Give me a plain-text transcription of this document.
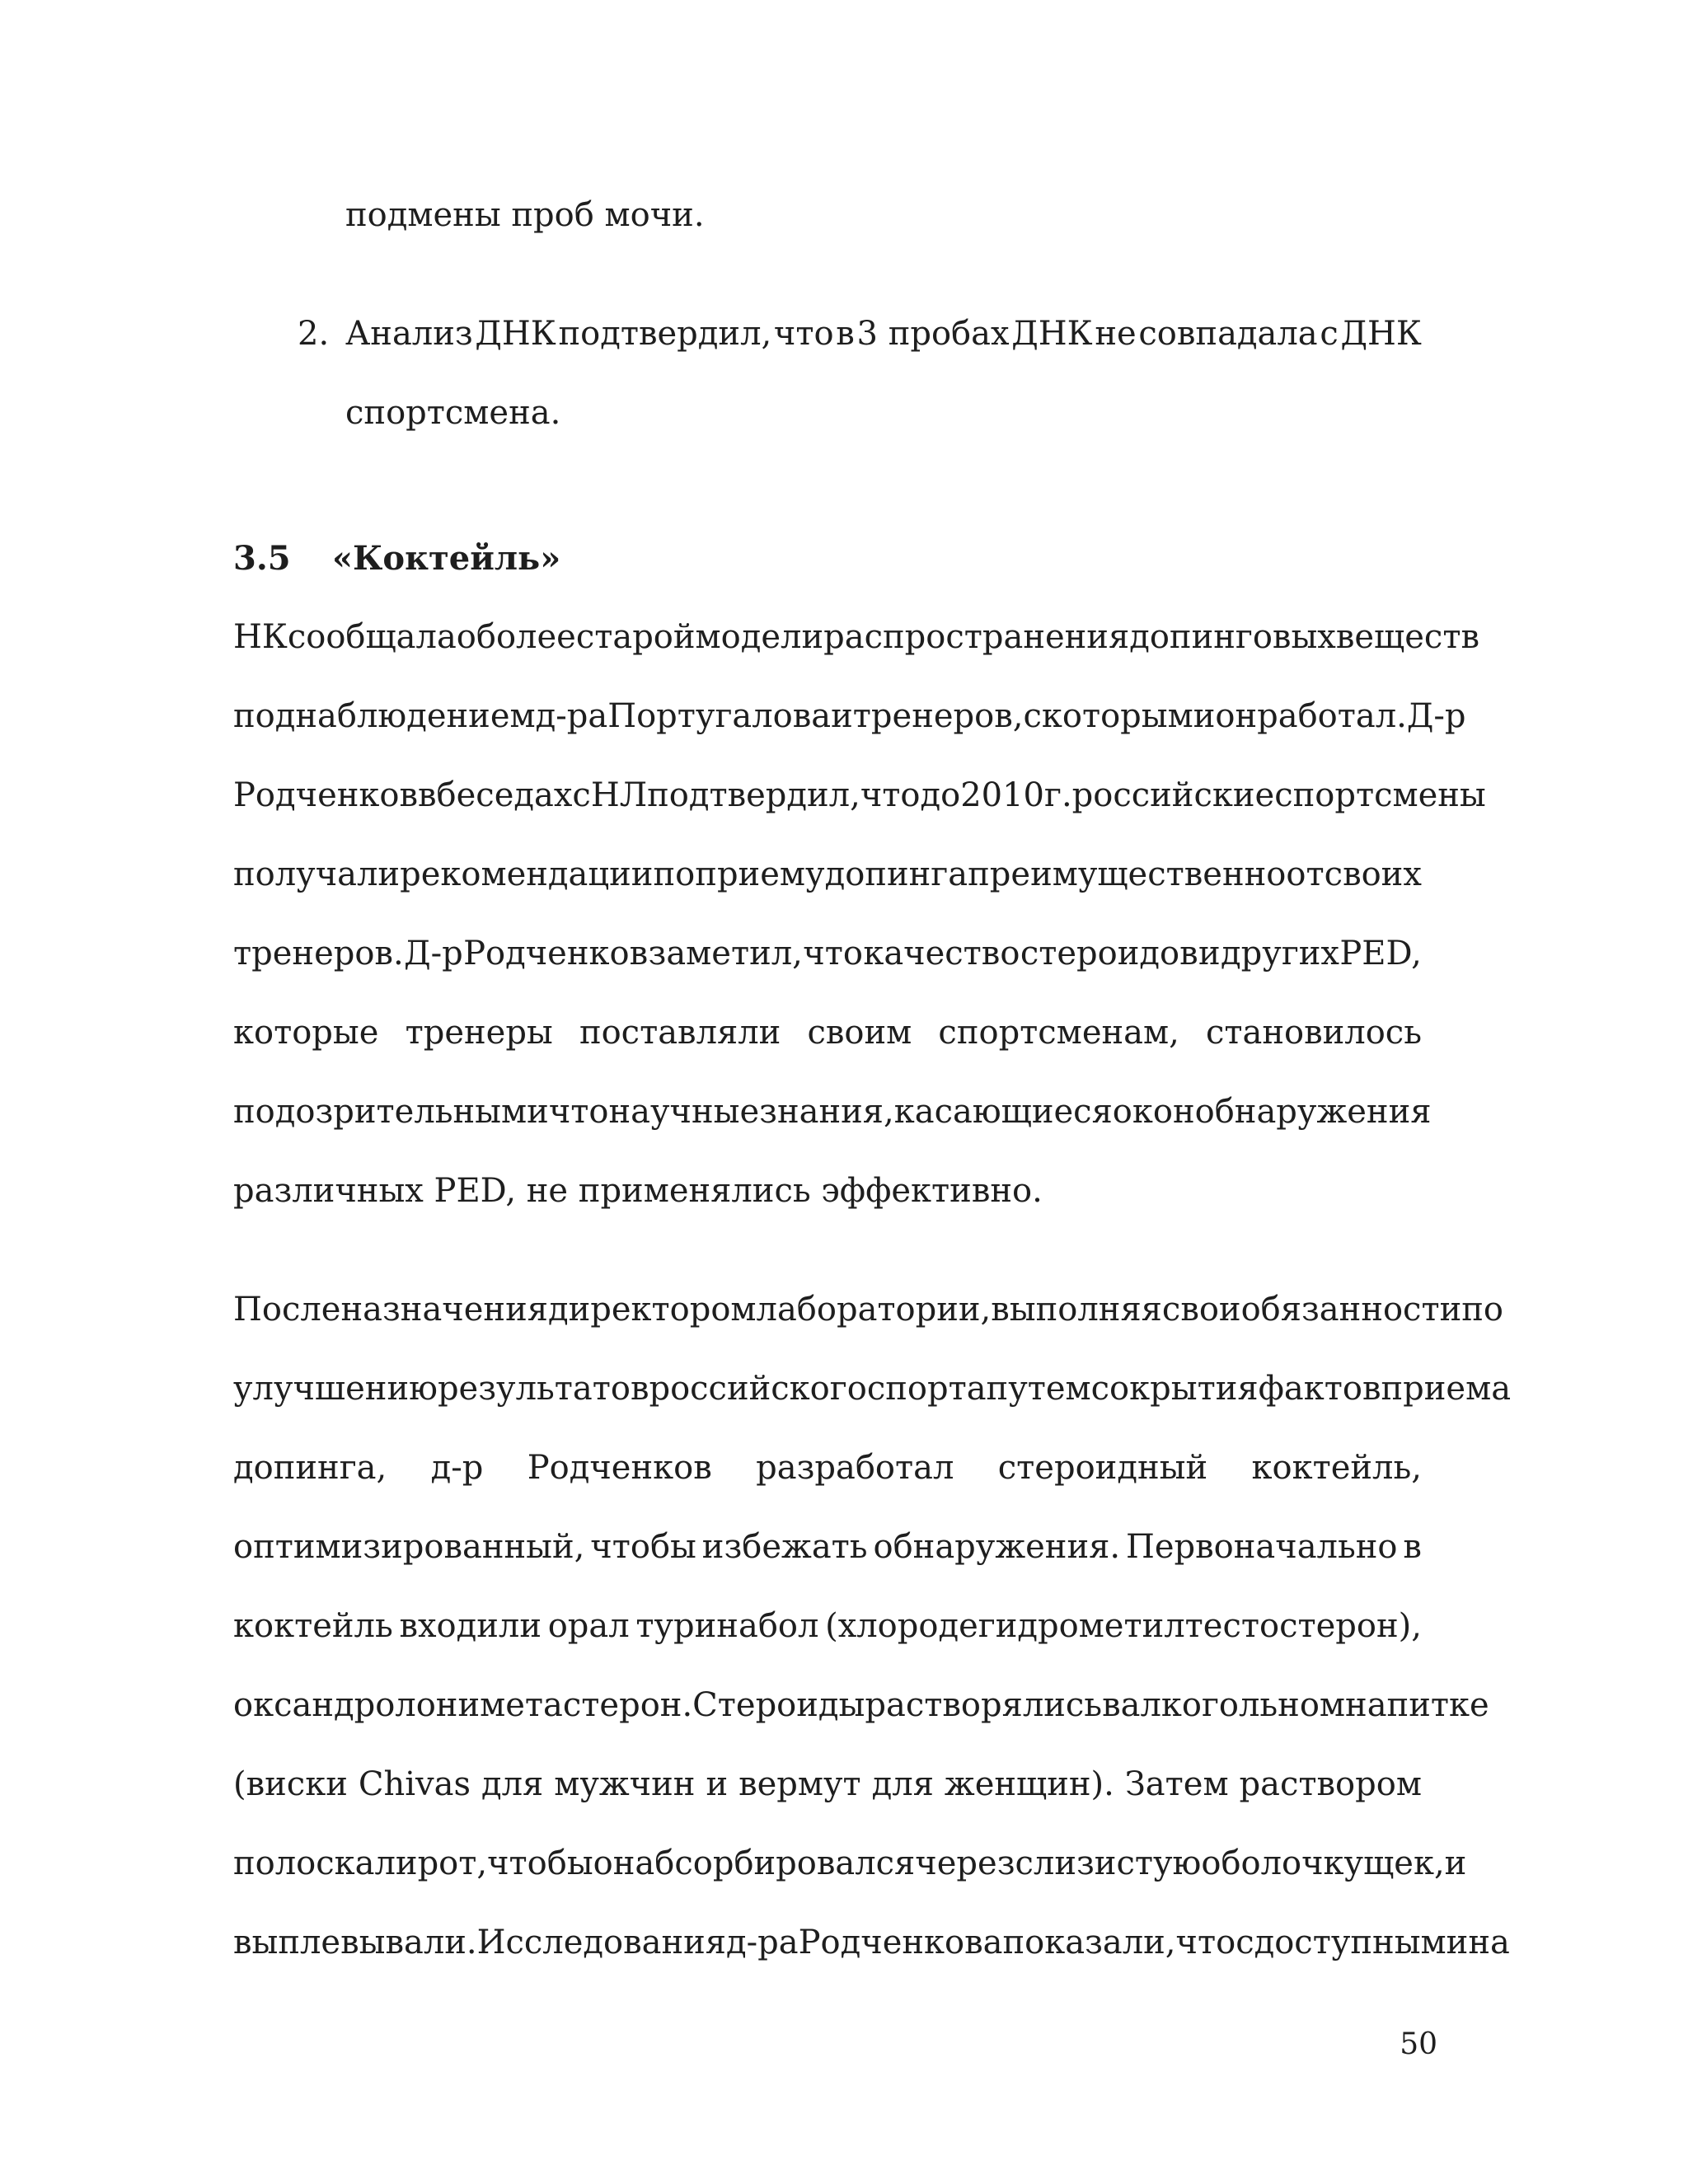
подмены проб мочи.
2. Анализ ДНК подтвердил, что в 3 пробах ДНК не совпадала с ДНК
спортсмена.
3.5 «Коктейль»
НК сообщала о более старой модели распространения допинговых веществ
под наблюдением д-ра Португалова и тренеров, с которыми он работал. Д-р
Родченков в беседах с НЛ подтвердил, что до 2010 г. российские спортсмены
получали рекомендации по приему допинга преимущественно от своих
тренеров. Д-р Родченков заметил, что качество стероидов и других PED,
которые тренеры поставляли своим спортсменам, становилось
подозрительным и что научные знания, касающиеся окон обнаружения
различных PED, не применялись эффективно.
После назначения директором лаборатории, выполняя свои обязанности по
улучшению результатов российского спорта путем сокрытия фактов приема
допинга, д-р Родченков разработал стероидный коктейль,
оптимизированный, чтобы избежать обнаружения. Первоначально в
коктейль входили орал туринабол (хлородегидрометилтестостерон),
оксандролон и метастерон. Стероиды растворялись в алкогольном напитке
(виски Chivas для мужчин и вермут для женщин). Затем раствором
полоскали рот, чтобы он абсорбировался через слизистую оболочку щек, и
выплевывали. Исследования д-ра Родченкова показали, что с доступными на
50
